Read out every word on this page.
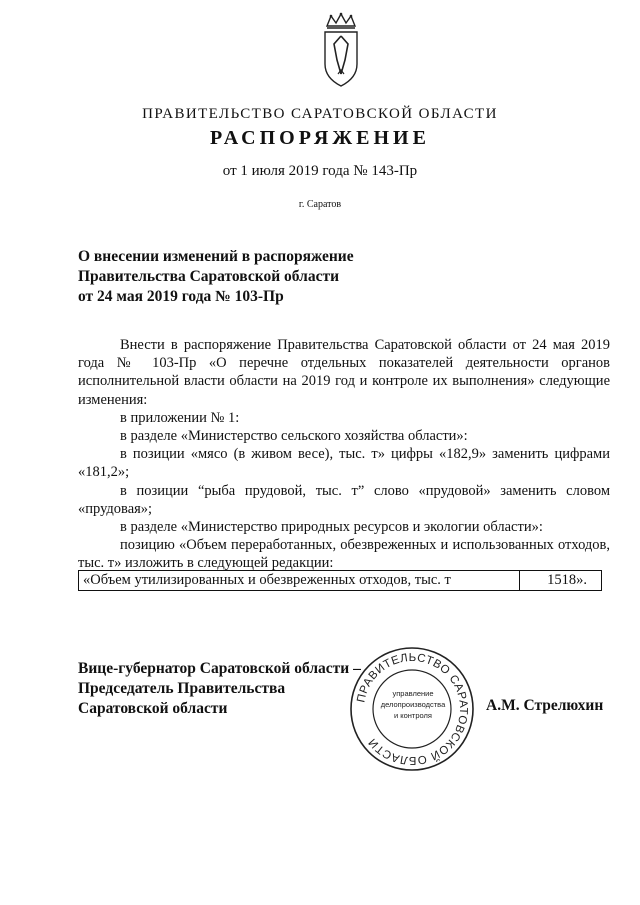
ПРАВИТЕЛЬСТВО САРАТОВСКОЙ ОБЛАСТИ
РАСПОРЯЖЕНИЕ
от 1 июля 2019 года № 143-Пр
г. Саратов
О внесении изменений в распоряжение
Правительства Саратовской области
от 24 мая 2019 года № 103-Пр

Внести в распоряжение Правительства Саратовской области от 24 мая 2019 года № 103-Пр «О перечне отдельных показателей деятельности органов исполнительной власти области на 2019 год и контроле их выполнения» следующие изменения:

в приложении № 1:

в разделе «Министерство сельского хозяйства области»:

в позиции «мясо (в живом весе), тыс. т» цифры «182,9» заменить цифрами «181,2»;

в позиции “рыба прудовой, тыс. т” слово «прудовой» заменить словом «прудовая»;

в разделе «Министерство природных ресурсов и экологии области»:

позицию «Объем переработанных, обезвреженных и использованных отходов, тыс. т» изложить в следующей редакции:

«Объем утилизированных и обезвреженных отходов, тыс. т	1518».
ПРАВИТЕЛЬСТВО САРАТОВСКОЙ ОБЛАСТИ
управление
делопроизводства
и контроля
Вице-губернатор Саратовской области –
Председатель Правительства
Саратовской области	А.М. Стрелюхин
